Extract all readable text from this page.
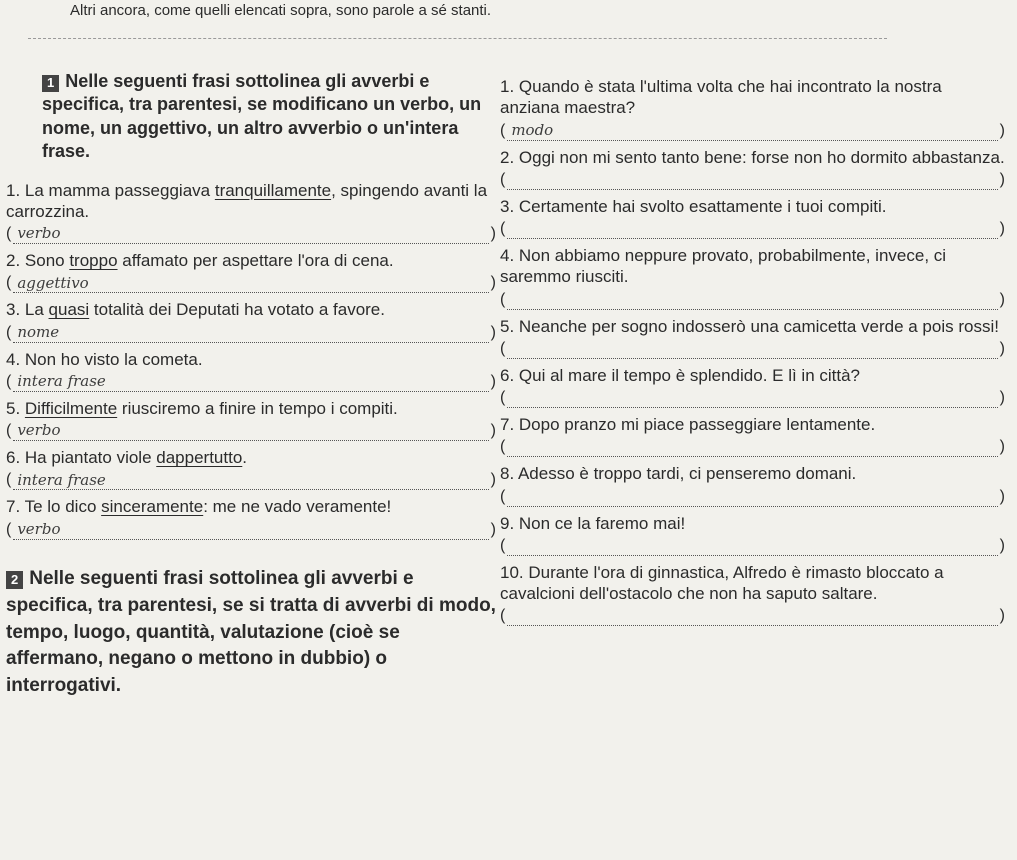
Altri ancora, come quelli elencati sopra, sono parole a sé stanti.

1 Nelle seguenti frasi sottolinea gli avverbi e specifica, tra parentesi, se modificano un verbo, un nome, un aggettivo, un altro avverbio o un'intera frase.

1. La mamma passeggiava tranquillamente, spingendo avanti la carrozzina.

( verbo	)

2. Sono troppo affamato per aspettare l'ora di cena.

( aggettivo	)

3. La quasi totalità dei Deputati ha votato a favore.

( nome	)

4. Non ho visto la cometa.

( intera frase	)

5. Difficilmente riusciremo a finire in tempo i compiti.

( verbo	)

6. Ha piantato viole dappertutto.

( intera frase	)

7. Te lo dico sinceramente: me ne vado veramente!

( verbo	)

2 Nelle seguenti frasi sottolinea gli avverbi e specifica, tra parentesi, se si tratta di avverbi di modo, tempo, luogo, quantità, valutazione (cioè se affermano, negano o mettono in dubbio) o interrogativi.

1. Quando è stata l'ultima volta che hai incontrato la nostra anziana maestra?

( modo	)

2. Oggi non mi sento tanto bene: forse non ho dormito abbastanza.

(	)

3. Certamente hai svolto esattamente i tuoi compiti.

(	)

4. Non abbiamo neppure provato, probabilmente, invece, ci saremmo riusciti.

(	)

5. Neanche per sogno indosserò una camicetta verde a pois rossi!

(	)

6. Qui al mare il tempo è splendido. E lì in città?

(	)

7. Dopo pranzo mi piace passeggiare lentamente.

(	)

8. Adesso è troppo tardi, ci penseremo domani.

(	)

9. Non ce la faremo mai!

(	)

10. Durante l'ora di ginnastica, Alfredo è rimasto bloccato a cavalcioni dell'ostacolo che non ha saputo saltare.

(	)
